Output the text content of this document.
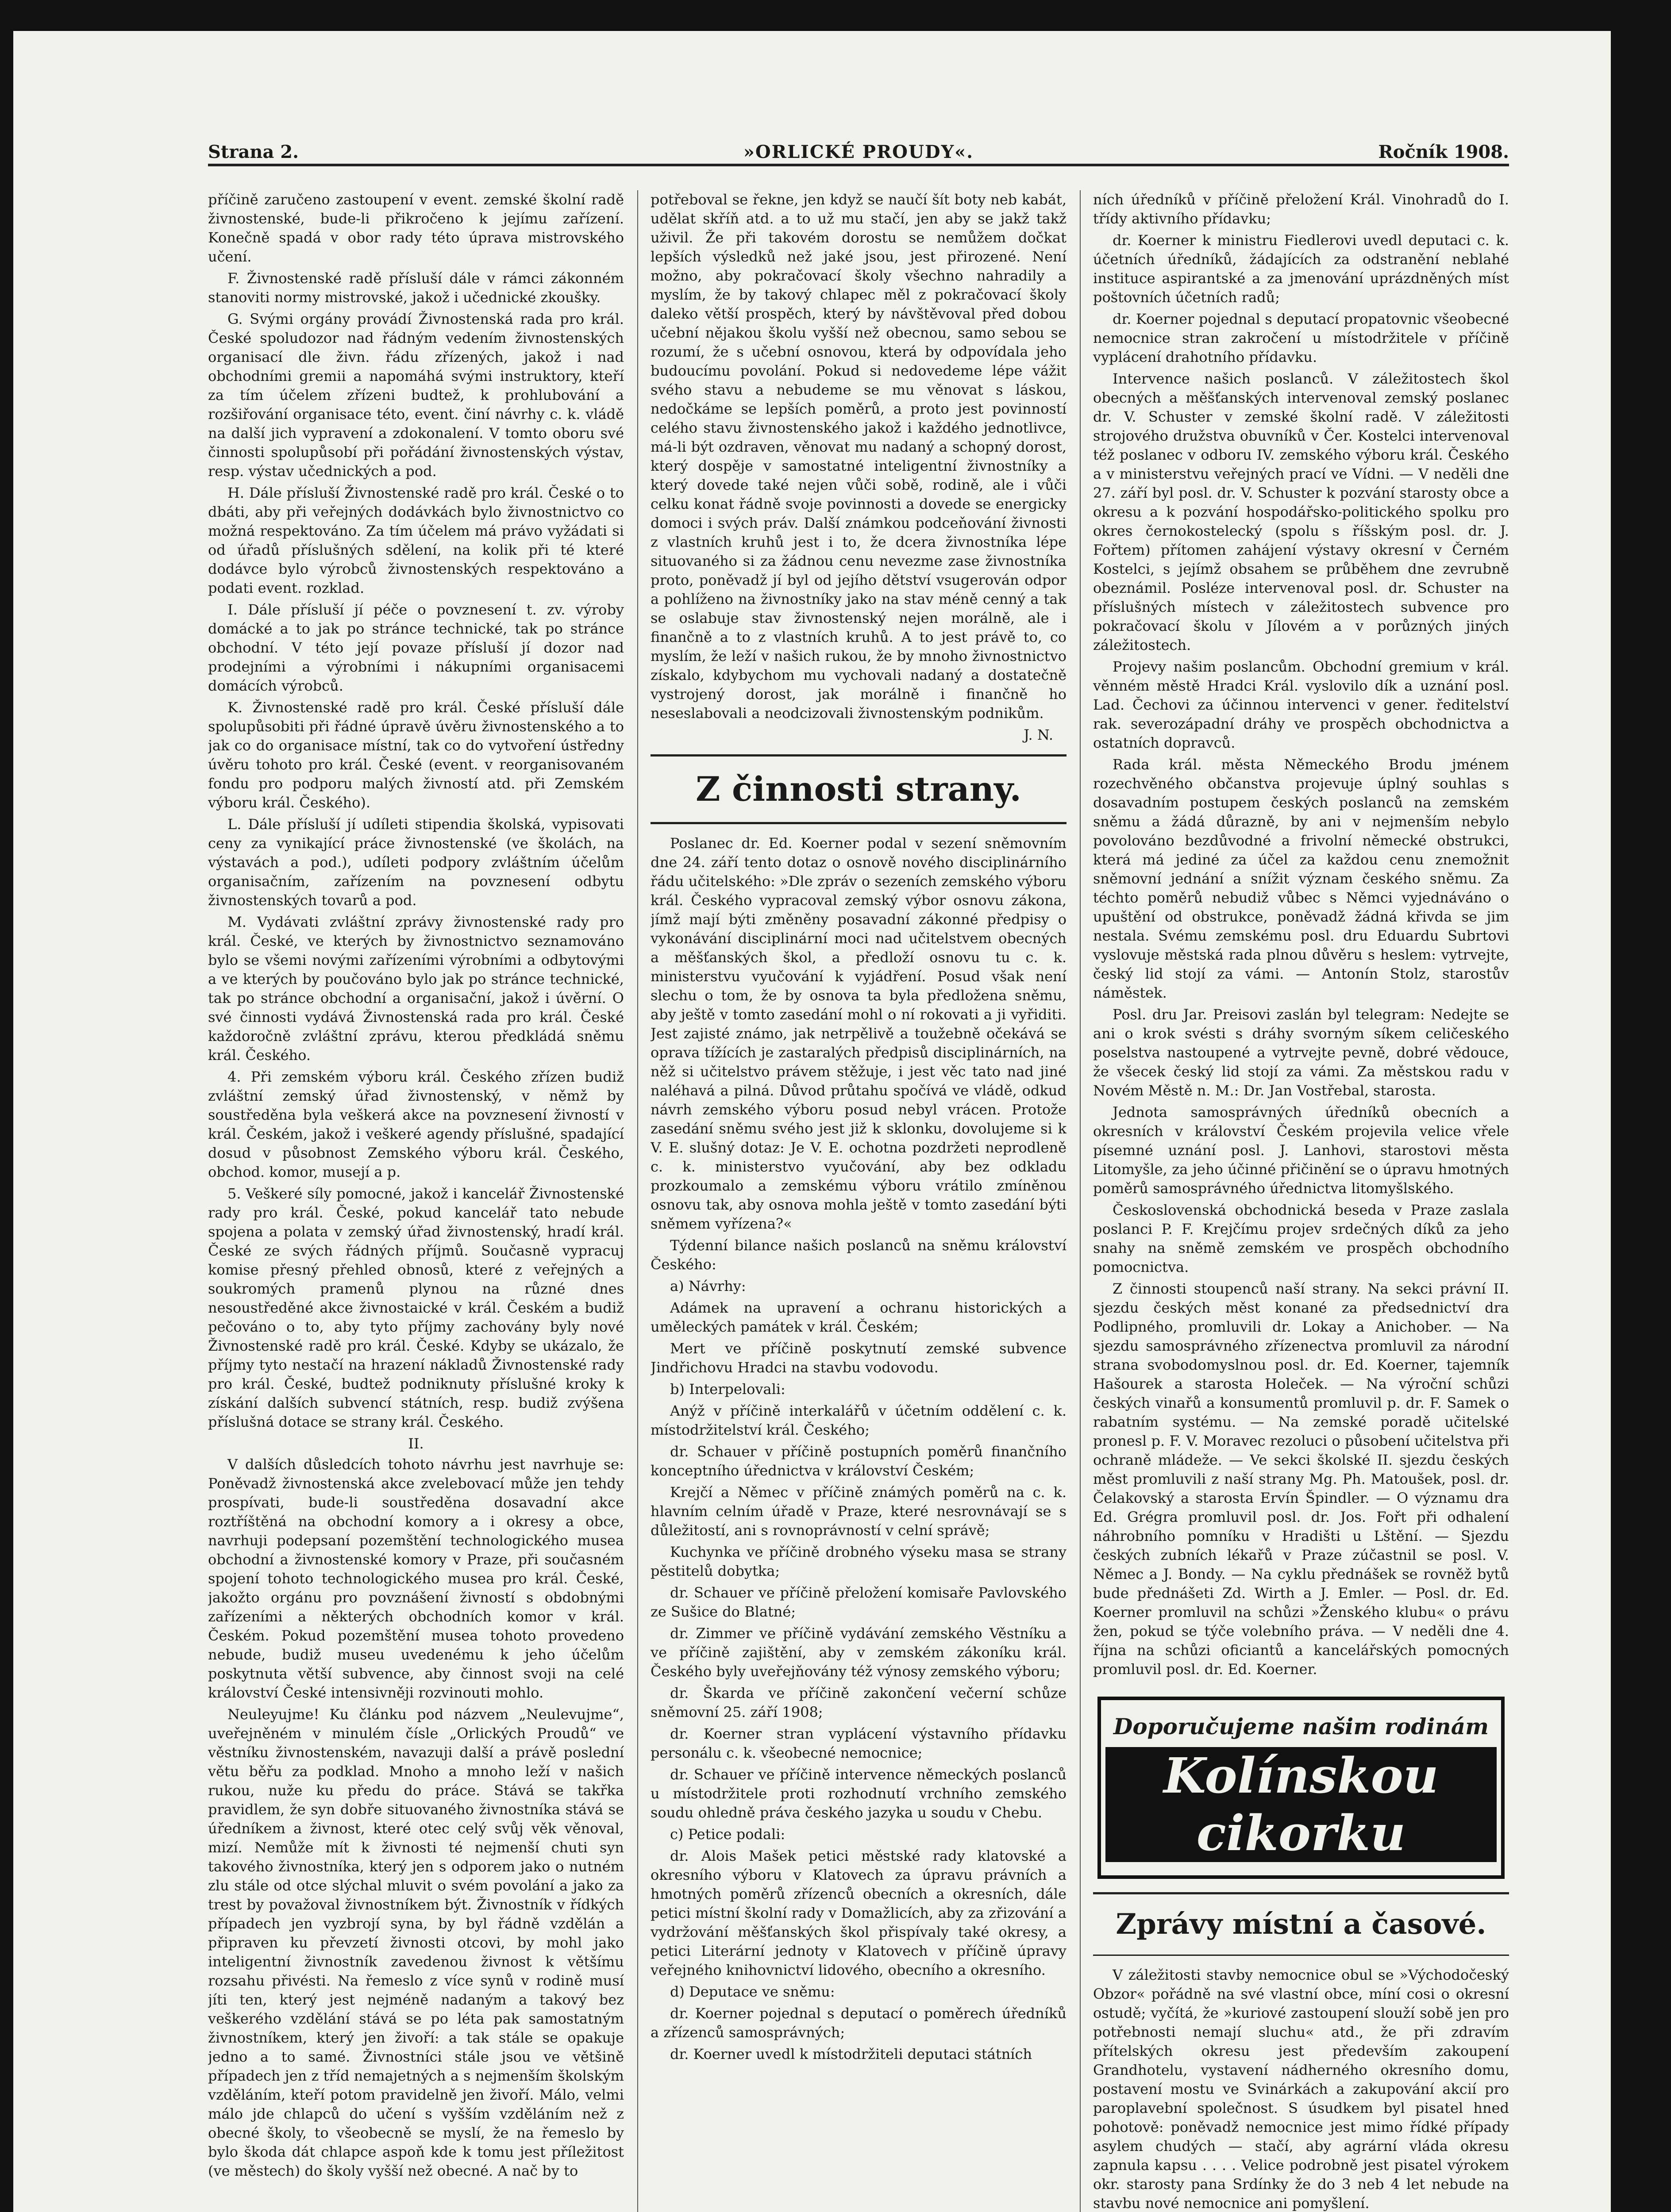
»ORLICKÉ PROUDY«.
Strana 2.	Ročník 1908.

příčině zaručeno zastoupení v event. zemské školní radě živnostenské, bude-li přikročeno k jejímu zařízení. Konečně spadá v obor rady této úprava mistrovského učení.

F. Živnostenské radě přísluší dále v rámci zákonném stanoviti normy mistrovské, jakož i učednické zkoušky.

G. Svými orgány provádí Živnostenská rada pro král. České spoludozor nad řádným vedením živnostenských organisací dle živn. řádu zřízených, jakož i nad obchodními gremii a napomáhá svými instruktory, kteří za tím účelem zřízeni budtež, k prohlubování a rozšiřování organisace této, event. činí návrhy c. k. vládě na další jich vypravení a zdokonalení. V tomto oboru své činnosti spolupůsobí při pořádání živnostenských výstav, resp. výstav učednických a pod.

H. Dále přísluší Živnostenské radě pro král. České o to dbáti, aby při veřejných dodávkách bylo živnostnictvo co možná respektováno. Za tím účelem má právo vyžádati si od úřadů příslušných sdělení, na kolik při té které dodávce bylo výrobců živnostenských respektováno a podati event. rozklad.

I. Dále přísluší jí péče o povznesení t. zv. výroby domácké a to jak po stránce technické, tak po stránce obchodní. V této její povaze přísluší jí dozor nad prodejními a výrobními i nákupními organisacemi domácích výrobců.

K. Živnostenské radě pro král. České přísluší dále spolupůsobiti při řádné úpravě úvěru živnostenského a to jak co do organisace místní, tak co do vytvoření ústředny úvěru tohoto pro král. České (event. v reorganisovaném fondu pro podporu malých živností atd. při Zemském výboru král. Českého).

L. Dále přísluší jí udíleti stipendia školská, vypisovati ceny za vynikající práce živnostenské (ve školách, na výstavách a pod.), udíleti podpory zvláštním účelům organisačním, zařízením na povznesení odbytu živnostenských tovarů a pod.

M. Vydávati zvláštní zprávy živnostenské rady pro král. České, ve kterých by živnostnictvo seznamováno bylo se všemi novými zařízeními výrobními a odbytovými a ve kterých by poučováno bylo jak po stránce technické, tak po stránce obchodní a organisační, jakož i úvěrní. O své činnosti vydává Živnostenská rada pro král. České každoročně zvláštní zprávu, kterou předkládá sněmu král. Českého.

4. Při zemském výboru král. Českého zřízen budiž zvláštní zemský úřad živnostenský, v němž by soustředěna byla veškerá akce na povznesení živností v král. Českém, jakož i veškeré agendy příslušné, spadající dosud v působnost Zemského výboru král. Českého, obchod. komor, musejí a p.

5. Veškeré síly pomocné, jakož i kancelář Živnostenské rady pro král. České, pokud kancelář tato nebude spojena a polata v zemský úřad živnostenský, hradí král. České ze svých řádných příjmů. Současně vypracuj komise přesný přehled obnosů, které z veřejných a soukromých pramenů plynou na různé dnes nesoustředěné akce živnostaické v král. Českém a budiž pečováno o to, aby tyto příjmy zachovány byly nové Živnostenské radě pro král. České. Kdyby se ukázalo, že příjmy tyto nestačí na hrazení nákladů Živnostenské rady pro král. České, budtež podniknuty příslušné kroky k získání dalších subvencí státních, resp. budiž zvýšena příslušná dotace se strany král. Českého.

II.

V dalších důsledcích tohoto návrhu jest navrhuje se: Poněvadž živnostenská akce zvelebovací může jen tehdy prospívati, bude-li soustředěna dosavadní akce roztříštěná na obchodní komory a i okresy a obce, navrhuji podepsaní pozemštění technologického musea obchodní a živnostenské komory v Praze, při současném spojení tohoto technologického musea pro král. České, jakožto orgánu pro povznášení živností s obdobnými zařízeními a některých obchodních komor v král. Českém. Pokud pozemštění musea tohoto provedeno nebude, budiž museu uvedenému k jeho účelům poskytnuta větší subvence, aby činnost svoji na celé království České intensivněji rozvinouti mohlo.

Neuleyujme! Ku článku pod názvem „Neulevujme“, uveřejněném v minulém čísle „Orlických Proudů“ ve věstníku živnostenském, navazuji další a právě poslední větu běřu za podklad. Mnoho a mnoho leží v našich rukou, nuže ku předu do práce. Stává se takřka pravidlem, že syn dobře situovaného živnostníka stává se úředníkem a živnost, které otec celý svůj věk věnoval, mizí. Nemůže mít k živnosti té nejmenší chuti syn takového živnostníka, který jen s odporem jako o nutném zlu stále od otce slýchal mluvit o svém povolání a jako za trest by považoval živnostníkem být. Živnostník v řídkých případech jen vyzbrojí syna, by byl řádně vzdělán a připraven ku převzetí živnosti otcovi, by mohl jako inteligentní živnostník zavedenou živnost k většímu rozsahu přivésti. Na řemeslo z více synů v rodině musí jíti ten, který jest nejméně nadaným a takový bez veškerého vzdělání stává se po léta pak samostatným živnostníkem, který jen živoří: a tak stále se opakuje jedno a to samé. Živnostníci stále jsou ve většině případech jen z tříd nemajetných a s nejmenším školským vzděláním, kteří potom pravidelně jen živoří. Málo, velmi málo jde chlapců do učení s vyšším vzděláním než z obecné školy, to všeobecně se myslí, že na řemeslo by bylo škoda dát chlapce aspoň kde k tomu jest příležitost (ve městech) do školy vyšší než obecné. A nač by to

potřeboval se řekne, jen když se naučí šít boty neb kabát, udělat skříň atd. a to už mu stačí, jen aby se jakž takž uživil. Že při takovém dorostu se nemůžem dočkat lepších výsledků než jaké jsou, jest přirozené. Není možno, aby pokračovací školy všechno nahradily a myslím, že by takový chlapec měl z pokračovací školy daleko větší prospěch, který by návštěvoval před dobou učební nějakou školu vyšší než obecnou, samo sebou se rozumí, že s učební osnovou, která by odpovídala jeho budoucímu povolání. Pokud si nedovedeme lépe vážit svého stavu a nebudeme se mu věnovat s láskou, nedočkáme se lepších poměrů, a proto jest povinností celého stavu živnostenského jakož i každého jednotlivce, má-li být ozdraven, věnovat mu nadaný a schopný dorost, který dospěje v samostatné inteligentní živnostníky a který dovede také nejen vůči sobě, rodině, ale i vůči celku konat řádně svoje povinnosti a dovede se energicky domoci i svých práv. Další známkou podceňování živnosti z vlastních kruhů jest i to, že dcera živnostníka lépe situovaného si za žádnou cenu nevezme zase živnostníka proto, poněvadž jí byl od jejího dětství vsugerován odpor a pohlíženo na živnostníky jako na stav méně cenný a tak se oslabuje stav živnostenský nejen morálně, ale i finančně a to z vlastních kruhů. A to jest právě to, co myslím, že leží v našich rukou, že by mnoho živnostnictvo získalo, kdybychom mu vychovali nadaný a dostatečně vystrojený dorost, jak morálně i finančně ho neseslabovali a neodcizovali živnostenským podnikům.

J. N.
Z činnosti strany.

Poslanec dr. Ed. Koerner podal v sezení sněmovním dne 24. září tento dotaz o osnově nového disciplinárního řádu učitelského: »Dle zpráv o sezeních zemského výboru král. Českého vypracoval zemský výbor osnovu zákona, jímž mají býti změněny posavadní zákonné předpisy o vykonávání disciplinární moci nad učitelstvem obecných a měšťanských škol, a předloží osnovu tu c. k. ministerstvu vyučování k vyjádření. Posud však není slechu o tom, že by osnova ta byla předložena sněmu, aby ještě v tomto zasedání mohl o ní rokovati a ji vyřiditi. Jest zajisté známo, jak netrpělivě a toužebně očekává se oprava tížících je zastaralých předpisů disciplinárních, na něž si učitelstvo právem stěžuje, i jest věc tato nad jiné naléhavá a pilná. Důvod průtahu spočívá ve vládě, odkud návrh zemského výboru posud nebyl vrácen. Protože zasedání sněmu svého jest již k sklonku, dovolujeme si k V. E. slušný dotaz: Je V. E. ochotna pozdržeti neprodleně c. k. ministerstvo vyučování, aby bez odkladu prozkoumalo a zemskému výboru vrátilo zmíněnou osnovu tak, aby osnova mohla ještě v tomto zasedání býti sněmem vyřízena?«

Týdenní bilance našich poslanců na sněmu království Českého:

a) Návrhy:

Adámek na upravení a ochranu historických a uměleckých památek v král. Českém;

Mert ve příčině poskytnutí zemské subvence Jindřichovu Hradci na stavbu vodovodu.

b) Interpelovali:

Anýž v příčině interkalářů v účetním oddělení c. k. místodržitelství král. Českého;

dr. Schauer v příčině postupních poměrů finančního konceptního úřednictva v království Českém;

Krejčí a Němec v příčině známých poměrů na c. k. hlavním celním úřadě v Praze, které nesrovnávají se s důležitostí, ani s rovnoprávností v celní správě;

Kuchynka ve příčině drobného výseku masa se strany pěstitelů dobytka;

dr. Schauer ve příčině přeložení komisaře Pavlovského ze Sušice do Blatné;

dr. Zimmer ve příčině vydávání zemského Věstníku a ve příčině zajištění, aby v zemském zákoníku král. Českého byly uveřejňovány též výnosy zemského výboru;

dr. Škarda ve příčině zakončení večerní schůze sněmovní 25. září 1908;

dr. Koerner stran vyplácení výstavního přídavku personálu c. k. všeobecné nemocnice;

dr. Schauer ve příčině intervence německých poslanců u místodržitele proti rozhodnutí vrchního zemského soudu ohledně práva českého jazyka u soudu v Chebu.

c) Petice podali:

dr. Alois Mašek petici městské rady klatovské a okresního výboru v Klatovech za úpravu právních a hmotných poměrů zřízenců obecních a okresních, dále petici místní školní rady v Domažlicích, aby za zřizování a vydržování měšťanských škol přispívaly také okresy, a petici Literární jednoty v Klatovech v příčině úpravy veřejného knihovnictví lidového, obecního a okresního.

d) Deputace ve sněmu:

dr. Koerner pojednal s deputací o poměrech úředníků a zřízenců samosprávných;

dr. Koerner uvedl k místodržiteli deputaci státních

ních úředníků v příčině přeložení Král. Vinohradů do I. třídy aktivního přídavku;

dr. Koerner k ministru Fiedlerovi uvedl deputaci c. k. účetních úředníků, žádajících za odstranění neblahé instituce aspirantské a za jmenování uprázdněných míst poštovních účetních radů;

dr. Koerner pojednal s deputací propatovnic všeobecné nemocnice stran zakročení u místodržitele v příčině vyplácení drahotního přídavku.

Intervence našich poslanců. V záležitostech škol obecných a měšťanských intervenoval zemský poslanec dr. V. Schuster v zemské školní radě. V záležitosti strojového družstva obuvníků v Čer. Kostelci intervenoval též poslanec v odboru IV. zemského výboru král. Českého a v ministerstvu veřejných prací ve Vídni. — V neděli dne 27. září byl posl. dr. V. Schuster k pozvání starosty obce a okresu a k pozvání hospodářsko-politického spolku pro okres černokostelecký (spolu s říšským posl. dr. J. Fořtem) přítomen zahájení výstavy okresní v Černém Kostelci, s jejímž obsahem se průběhem dne zevrubně obeznámil. Posléze intervenoval posl. dr. Schuster na příslušných místech v záležitostech subvence pro pokračovací školu v Jílovém a v porůzných jiných záležitostech.

Projevy našim poslancům. Obchodní gremium v král. věnném městě Hradci Král. vyslovilo dík a uznání posl. Lad. Čechovi za účinnou intervenci v gener. ředitelství rak. severozápadní dráhy ve prospěch obchodnictva a ostatních dopravců.

Rada král. města Německého Brodu jménem rozechvěného občanstva projevuje úplný souhlas s dosavadním postupem českých poslanců na zemském sněmu a žádá důrazně, by ani v nejmenším nebylo povolováno bezdůvodné a frivolní německé obstrukci, která má jediné za účel za každou cenu znemožnit sněmovní jednání a snížit význam českého sněmu. Za téchto poměrů nebudiž vůbec s Němci vyjednáváno o upuštění od obstrukce, poněvadž žádná křivda se jim nestala. Svému zemskému posl. dru Eduardu Subrtovi vyslovuje městská rada plnou důvěru s heslem: vytrvejte, český lid stojí za vámi. — Antonín Stolz, starostův náměstek.

Posl. dru Jar. Preisovi zaslán byl telegram: Nedejte se ani o krok svésti s dráhy svorným síkem celičeského poselstva nastoupené a vytrvejte pevně, dobré vědouce, že všecek český lid stojí za vámi. Za městskou radu v Novém Městě n. M.: Dr. Jan Vostřebal, starosta.

Jednota samosprávných úředníků obecních a okresních v království Českém projevila velice vřele písemné uznání posl. J. Lanhovi, starostovi města Litomyšle, za jeho účinné přičinění se o úpravu hmotných poměrů samosprávného úřednictva litomyšlského.

Československá obchodnická beseda v Praze zaslala poslanci P. F. Krejčímu projev srdečných díků za jeho snahy na sněmě zemském ve prospěch obchodního pomocnictva.

Z činnosti stoupenců naší strany. Na sekci právní II. sjezdu českých měst konané za předsednictví dra Podlipného, promluvili dr. Lokay a Anichober. — Na sjezdu samosprávného zřízenectva promluvil za národní strana svobodomyslnou posl. dr. Ed. Koerner, tajemník Hašourek a starosta Holeček. — Na výroční schůzi českých vinařů a konsumentů promluvil p. dr. F. Samek o rabatním systému. — Na zemské poradě učitelské pronesl p. F. V. Moravec rezoluci o působení učitelstva při ochraně mládeže. — Ve sekci školské II. sjezdu českých měst promluvili z naší strany Mg. Ph. Matoušek, posl. dr. Čelakovský a starosta Ervín Špindler. — O významu dra Ed. Grégra promluvil posl. dr. Jos. Fořt při odhalení náhrobního pomníku v Hradišti u Lštění. — Sjezdu českých zubních lékařů v Praze zúčastnil se posl. V. Němec a J. Bondy. — Na cyklu přednášek se rovněž bytů bude přednášeti Zd. Wirth a J. Emler. — Posl. dr. Ed. Koerner promluvil na schůzi »Ženského klubu« o právu žen, pokud se týče volebního práva. — V neděli dne 4. října na schůzi oficiantů a kancelářských pomocných promluvil posl. dr. Ed. Koerner.

Doporučujeme našim rodinám
Kolínskou cikorku
Zprávy místní a časové.

V záležitosti stavby nemocnice obul se »Východočeský Obzor« pořádně na své vlastní obce, míní cosi o okresní ostudě; vyčítá, že »kuriové zastoupení slouží sobě jen pro potřebnosti nemají sluchu« atd., že při zdravím přítelských okresu jest především zakoupení Grandhotelu, vystavení nádherného okresního domu, postavení mostu ve Svinárkách a zakupování akcií pro paroplavební společnost. S úsudkem byl pisatel hned pohotově: poněvadž nemocnice jest mimo řídké případy asylem chudých — stačí, aby agrární vláda okresu zapnula kapsu . . . . Velice podrobně jest pisatel výrokem okr. starosty pana Srdínky že do 3 neb 4 let nebude na stavbu nové nemocnice ani pomyšlení.
